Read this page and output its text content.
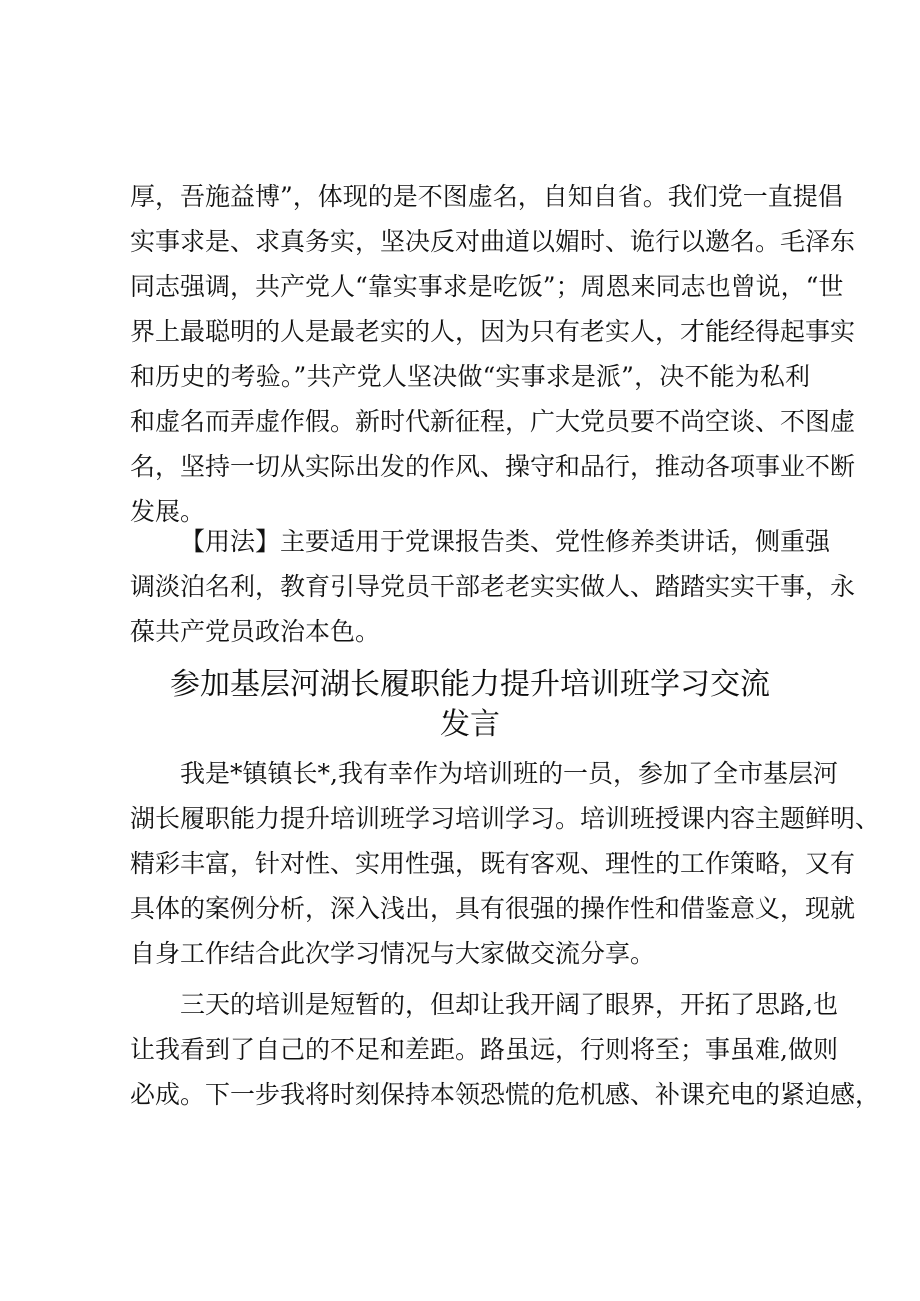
厚，吾施益博”，体现的是不图虚名，自知自省。我们党一直提倡
实事求是、求真务实，坚决反对曲道以媚时、诡行以邀名。毛泽东
同志强调，共产党人“靠实事求是吃饭”；周恩来同志也曾说，“世
界上最聪明的人是最老实的人，因为只有老实人，才能经得起事实
和历史的考验。”共产党人坚决做“实事求是派”，决不能为私利
和虚名而弄虚作假。新时代新征程，广大党员要不尚空谈、不图虚
名，坚持一切从实际出发的作风、操守和品行，推动各项事业不断
发展。
【用法】主要适用于党课报告类、党性修养类讲话，侧重强
调淡泊名利，教育引导党员干部老老实实做人、踏踏实实干事，永
葆共产党员政治本色。
参加基层河湖长履职能力提升培训班学习交流
发言
我是*镇镇长*,我有幸作为培训班的一员，参加了全市基层河
湖长履职能力提升培训班学习培训学习。培训班授课内容主题鲜明、
精彩丰富，针对性、实用性强，既有客观、理性的工作策略，又有
具体的案例分析，深入浅出，具有很强的操作性和借鉴意义，现就
自身工作结合此次学习情况与大家做交流分享。
三天的培训是短暂的，但却让我开阔了眼界，开拓了思路,也
让我看到了自己的不足和差距。路虽远，行则将至；事虽难,做则
必成。下一步我将时刻保持本领恐慌的危机感、补课充电的紧迫感，
